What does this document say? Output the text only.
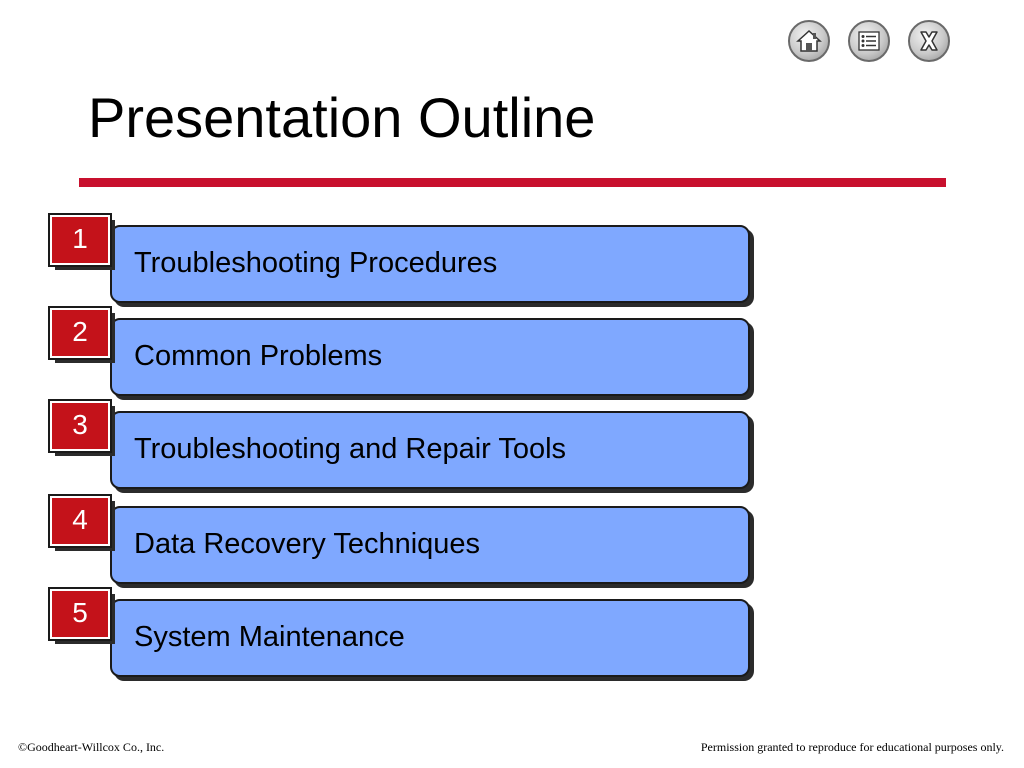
Presentation Outline
Troubleshooting Procedures
1
Common Problems
2
Troubleshooting and Repair Tools
3
Data Recovery Techniques
4
System Maintenance
5
©Goodheart-Willcox Co., Inc.	Permission granted to reproduce for educational purposes only.
